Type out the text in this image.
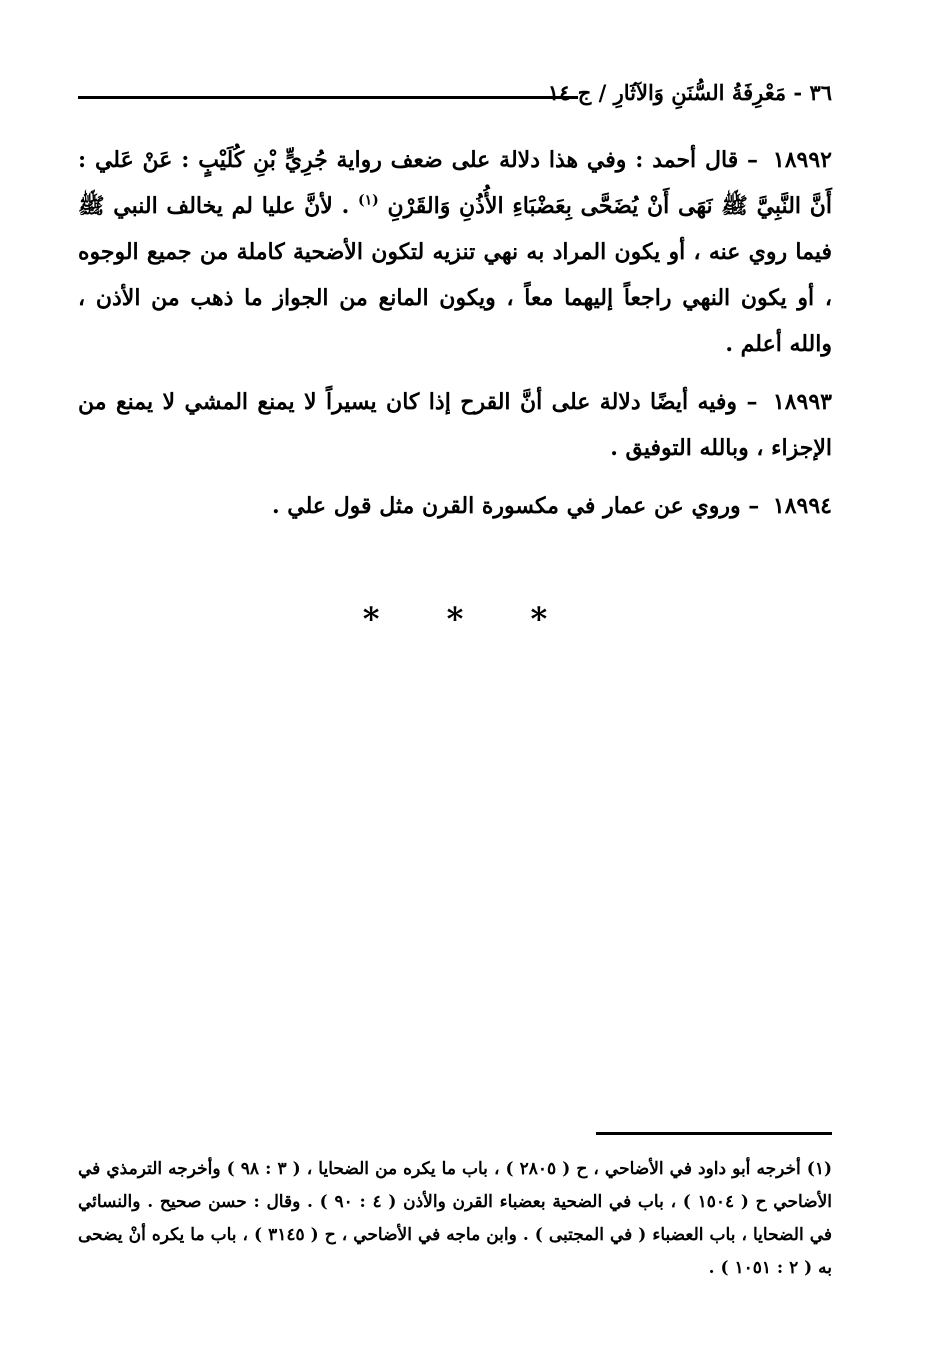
٣٦ - مَعْرِفَةُ السُّنَنِ وَالآثَارِ / ج ١٤

١٨٩٩٢ – قال أحمد : وفي هذا دلالة على ضعف رواية جُرِيٍّ بْنِ كُلَيْبٍ : عَنْ عَلي : أَنَّ النَّبِيَّ ﷺ نَهَى أَنْ يُضَحَّى بِعَضْبَاءِ الأُذُنِ وَالقَرْنِ $^{(١)}$ . لأنَّ عليا لم يخالف النبي ﷺ فيما روي عنه ، أو يكون المراد به نهي تنزيه لتكون الأضحية كاملة من جميع الوجوه ، أو يكون النهي راجعاً إليهما معاً ، ويكون المانع من الجواز ما ذهب من الأذن ، والله أعلم .

١٨٩٩٣ – وفيه أيضًا دلالة على أنَّ القرح إذا كان يسيراً لا يمنع المشي لا يمنع من الإجزاء ، وبالله التوفيق .

١٨٩٩٤ – وروي عن عمار في مكسورة القرن مثل قول علي .

* * *

(١) أخرجه أبو داود في الأضاحي ، ح ( ٢٨٠٥ ) ، باب ما يكره من الضحايا ، ( ٣ : ٩٨ ) وأخرجه الترمذي في الأضاحي ح ( ١٥٠٤ ) ، باب في الضحية بعضباء القرن والأذن ( ٤ : ٩٠ ) . وقال : حسن صحيح . والنسائي في الضحايا ، باب العضباء ( في المجتبى ) . وابن ماجه في الأضاحي ، ح ( ٣١٤٥ ) ، باب ما يكره أنْ يضحى به ( ٢ : ١٠٥١ ) .
